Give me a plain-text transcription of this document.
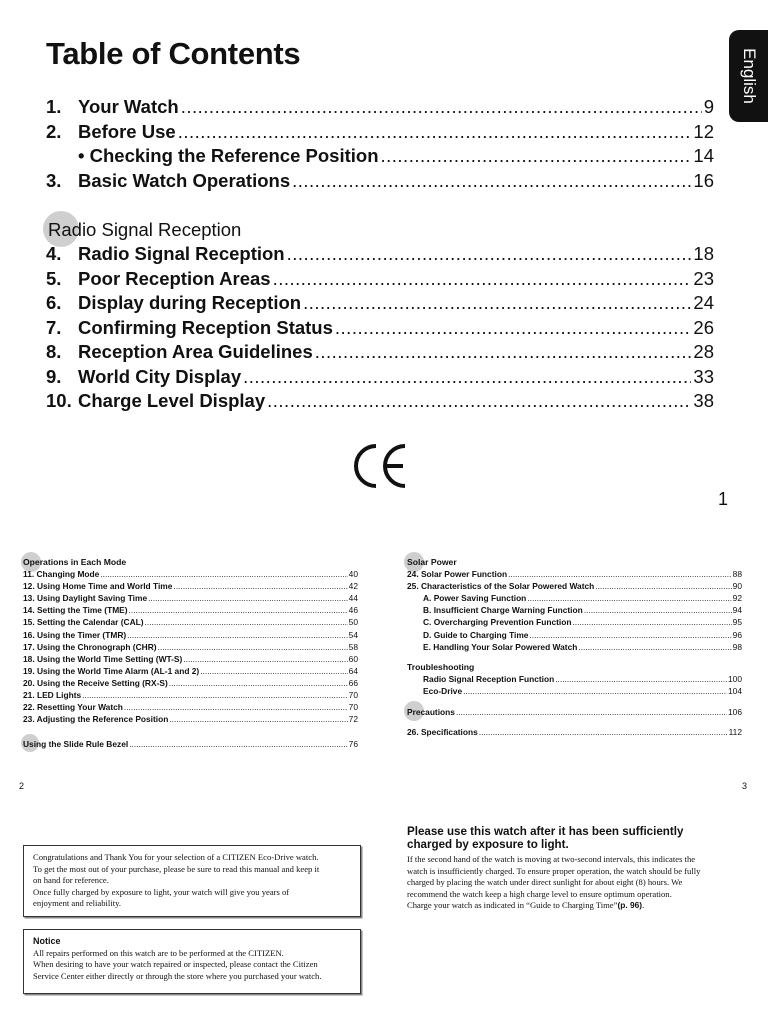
Table of Contents	English
1. Your Watch .....	9
2. Before Use .....	12
• Checking the Reference Position .....	14
3. Basic Watch Operations .....	16
Radio Signal Reception
4. Radio Signal Reception .....	18
5. Poor Reception Areas .....	23
6. Display during Reception .....	24
7. Confirming Reception Status .....	26
8. Reception Area Guidelines .....	28
9. World City Display .....	33
10. Charge Level Display .....	38
1
Operations in Each Mode
11. Changing Mode .....	40
12. Using Home Time and World Time .....	42
13. Using Daylight Saving Time .....	44
14. Setting the Time (TME) .....	46
15. Setting the Calendar (CAL) .....	50
16. Using the Timer (TMR) .....	54
17. Using the Chronograph (CHR) .....	58
18. Using the World Time Setting (WT-S) .....	60
19. Using the World Time Alarm (AL-1 and 2) .....	64
20. Using the Receive Setting (RX-S) .....	66
21. LED Lights .....	70
22. Resetting Your Watch .....	70
23. Adjusting the Reference Position .....	72
Using the Slide Rule Bezel .....	76
Solar Power
24. Solar Power Function .....	88
25. Characteristics of the Solar Powered Watch .....	90
A. Power Saving Function .....	92
B. Insufficient Charge Warning Function .....	94
C. Overcharging Prevention Function .....	95
D. Guide to Charging Time .....	96
E. Handling Your Solar Powered Watch .....	98
Troubleshooting
Radio Signal Reception Function .....	100
Eco-Drive .....	104
Precautions .....	106
26. Specifications .....	112
2	3
Congratulations and Thank You for your selection of a CITIZEN Eco-Drive watch.
To get the most out of your purchase, please be sure to read this manual and keep it
on hand for reference.
Once fully charged by exposure to light, your watch will give you years of
enjoyment and reliability.
Notice
All repairs performed on this watch are to be performed at the CITIZEN.
When desiring to have your watch repaired or inspected, please contact the Citizen
Service Center either directly or through the store where you purchased your watch.
Please use this watch after it has been sufficiently
charged by exposure to light.
If the second hand of the watch is moving at two-second intervals, this indicates the
watch is insufficiently charged. To ensure proper operation, the watch should be fully
charged by placing the watch under direct sunlight for about eight (8) hours. We
recommend the watch keep a high charge level to ensure optimum operation.
Charge your watch as indicated in “Guide to Charging Time”(p. 96).
